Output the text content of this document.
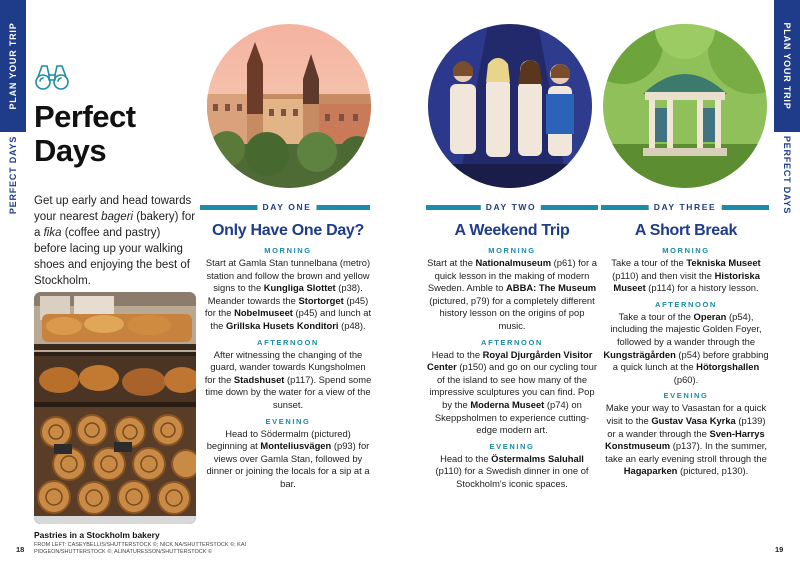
PLAN YOUR TRIP
PERFECT DAYS
PLAN YOUR TRIP
PERFECT DAYS
Perfect Days
Get up early and head towards your nearest bageri (bakery) for a fika (coffee and pastry) before lacing up your walking shoes and enjoying the best of Stockholm.
Pastries in a Stockholm bakery
FROM LEFT: CASEYBELLIS/SHUTTERSTOCK ©; NICK NA/SHUTTERSTOCK ©; KAI PIDGEON/SHUTTERSTOCK ©; ALINATURESSON/SHUTTERSTOCK ©
18	19
DAY ONE	DAY TWO	DAY THREE
Only Have One Day?
MORNING

Start at Gamla Stan tunnelbana (metro) station and follow the brown and yellow signs to the Kungliga Slottet (p38). Meander towards the Stortorget (p45) for the Nobelmuseet (p45) and lunch at the Grillska Husets Konditori (p48).

AFTERNOON

After witnessing the changing of the guard, wander towards Kungsholmen for the Stadshuset (p117). Spend some time down by the water for a view of the sunset.

EVENING

Head to Södermalm (pictured) beginning at Monteliusvägen (p93) for views over Gamla Stan, followed by dinner or joining the locals for a sip at a bar.

A Weekend Trip
MORNING

Start at the Nationalmuseum (p61) for a quick lesson in the making of modern Sweden. Amble to ABBA: The Museum (pictured, p79) for a completely different history lesson on the origins of pop music.

AFTERNOON

Head to the Royal Djurgården Visitor Center (p150) and go on our cycling tour of the island to see how many of the impressive sculptures you can find. Pop by the Moderna Museet (p74) on Skeppsholmen to experience cutting-edge modern art.

EVENING

Head to the Östermalms Saluhall (p110) for a Swedish dinner in one of Stockholm's iconic spaces.

A Short Break
MORNING

Take a tour of the Tekniska Museet (p110) and then visit the Historiska Museet (p114) for a history lesson.

AFTERNOON

Take a tour of the Operan (p54), including the majestic Golden Foyer, followed by a wander through the Kungsträgården (p54) before grabbing a quick lunch at the Hötorgshallen (p60).

EVENING

Make your way to Vasastan for a quick visit to the Gustav Vasa Kyrka (p139) or a wander through the Sven-Harrys Konstmuseum (p137). In the summer, take an early evening stroll through the Hagaparken (pictured, p130).
